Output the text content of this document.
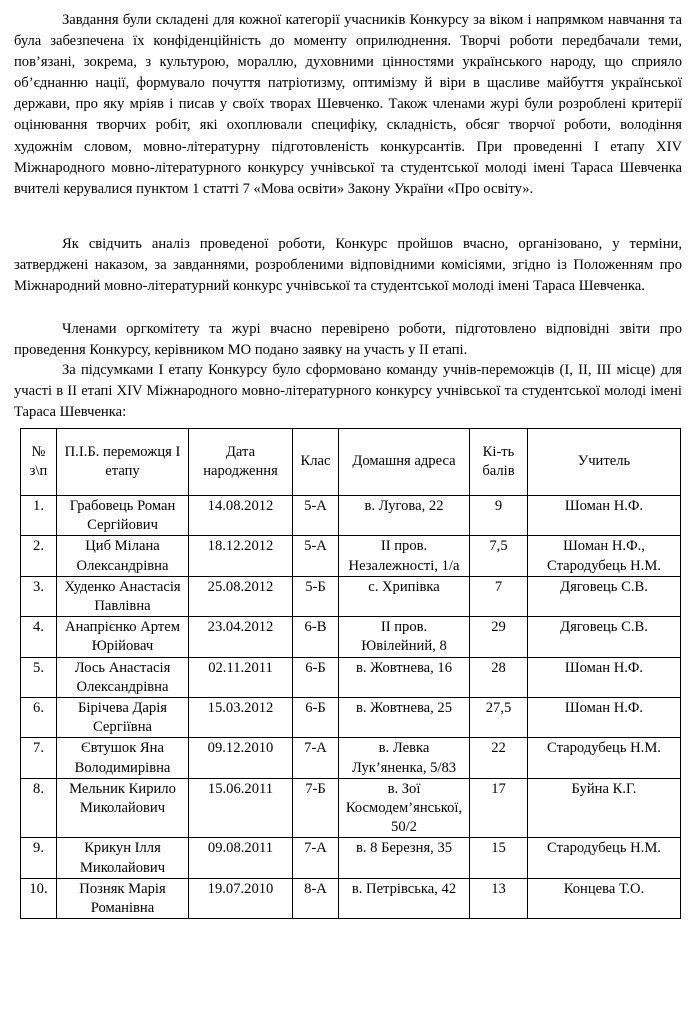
Завдання були складені для кожної категорії учасників Конкурсу за віком і напрямком навчання та була забезпечена їх конфіденційність до моменту оприлюднення. Творчі роботи передбачали теми, пов’язані, зокрема, з культурою, мораллю, духовними цінностями українського народу, що сприяло об’єднанню нації, формувало почуття патріотизму, оптимізму й віри в щасливе майбуття української держави, про яку мріяв і писав у своїх творах Шевченко. Також членами журі були розроблені критерії оцінювання творчих робіт, які охоплювали специфіку, складність, обсяг творчої роботи, володіння художнім словом, мовно-літературну підготовленість конкурсантів. При проведенні І етапу XIV Міжнародного мовно-літературного конкурсу учнівської та студентської молоді імені Тараса Шевченка вчителі керувалися пунктом 1 статті 7 «Мова освіти» Закону України «Про освіту».

Як свідчить аналіз проведеної роботи, Конкурс пройшов вчасно, організовано, у терміни, затверджені наказом, за завданнями, розробленими відповідними комісіями, згідно із Положенням про Міжнародний мовно-літературний конкурс учнівської та студентської молоді імені Тараса Шевченка.

Членами оргкомітету та журі вчасно перевірено роботи, підготовлено відповідні звіти про проведення Конкурсу, керівником МО подано заявку на участь у ІІ етапі.

За підсумками І етапу Конкурсу було сформовано команду учнів-переможців (І, ІІ, ІІІ місце) для участі в ІІ етапі XIV Міжнародного мовно-літературного конкурсу учнівської та студентської молоді імені Тараса Шевченка:

№ з\п	П.І.Б. переможця І етапу	Дата народження	Клас	Домашня адреса	Кі-ть балів	Учитель
1.	Грабовець Роман Сергійович	14.08.2012	5-А	в. Лугова, 22	9	Шоман Н.Ф.
2.	Циб Мілана Олександрівна	18.12.2012	5-А	ІІ пров. Незалежності, 1/а	7,5	Шоман Н.Ф., Стародубець Н.М.
3.	Худенко Анастасія Павлівна	25.08.2012	5-Б	с. Хрипівка	7	Дяговець С.В.
4.	Анапрієнко Артем Юрійовач	23.04.2012	6-В	ІІ пров. Ювілейний, 8	29	Дяговець С.В.
5.	Лось Анастасія Олександрівна	02.11.2011	6-Б	в. Жовтнева, 16	28	Шоман Н.Ф.
6.	Бірічева Дарія Сергіївна	15.03.2012	6-Б	в. Жовтнева, 25	27,5	Шоман Н.Ф.
7.	Євтушок Яна Володимирівна	09.12.2010	7-А	в. Левка Лук’яненка, 5/83	22	Стародубець Н.М.
8.	Мельник Кирило Миколайович	15.06.2011	7-Б	в. Зої Космодем’янської, 50/2	17	Буйна К.Г.
9.	Крикун Ілля Миколайович	09.08.2011	7-А	в. 8 Березня, 35	15	Стародубець Н.М.
10.	Позняк Марія Романівна	19.07.2010	8-А	в. Петрівська, 42	13	Концева Т.О.
